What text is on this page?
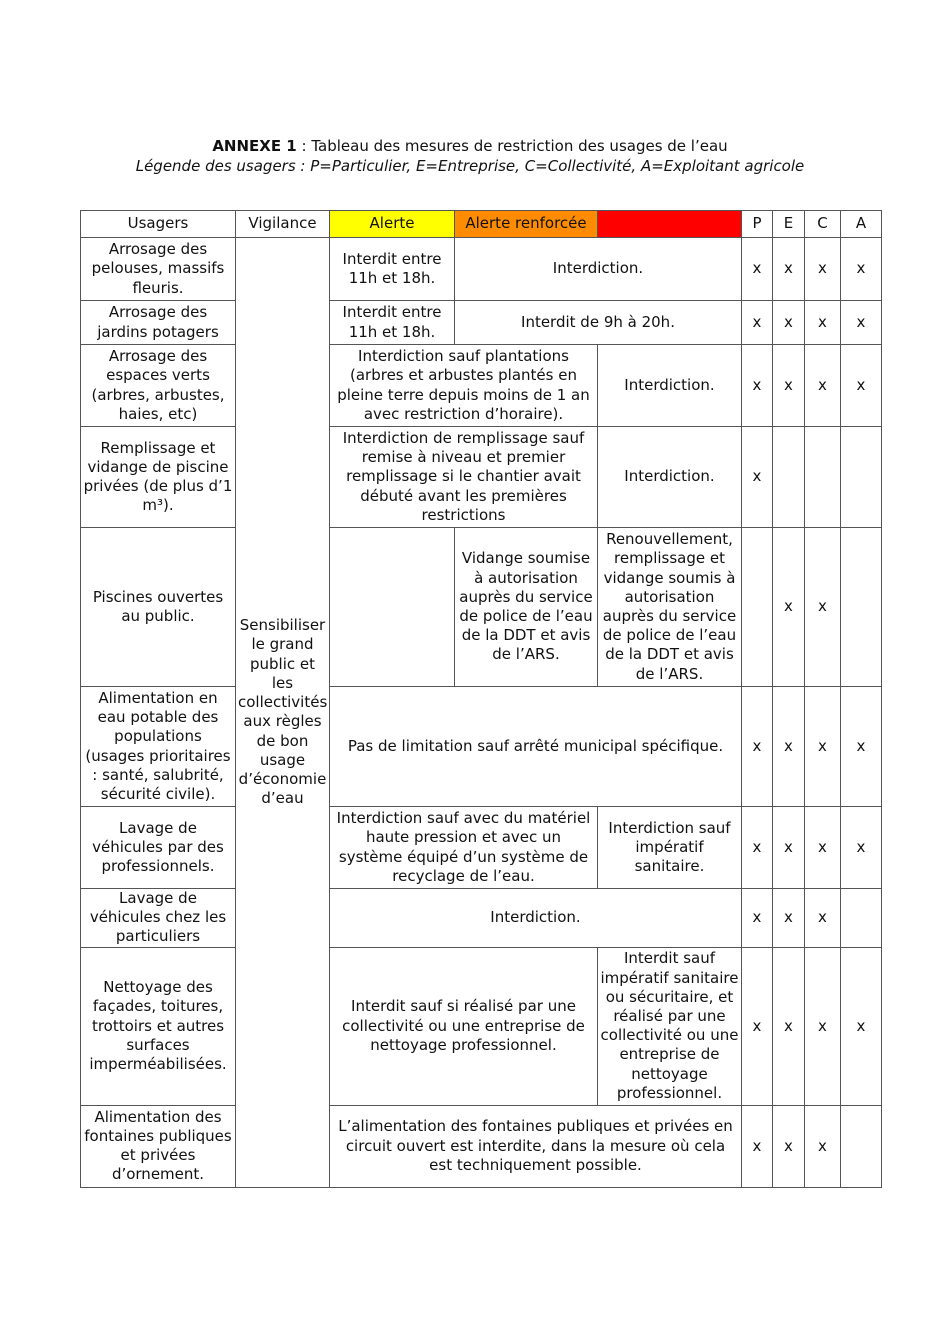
ANNEXE 1 : Tableau des mesures de restriction des usages de l’eau
Légende des usagers : P=Particulier, E=Entreprise, C=Collectivité, A=Exploitant agricole
Usagers	Vigilance	Alerte	Alerte renforcée	Crise	P	E	C	A
Arrosage des pelouses, massifs fleuris.	Sensibiliser le grand public et les collectivités aux règles de bon usage d’économie d’eau	Interdit entre 11h et 18h.	Interdiction.		x	x	x	x
Arrosage des jardins potagers		Interdit entre 11h et 18h.	Interdit de 9h à 20h.		x	x	x	x
Arrosage des espaces verts (arbres, arbustes, haies, etc)		Interdiction sauf plantations (arbres et arbustes plantés en pleine terre depuis moins de 1 an avec restriction d’horaire).		Interdiction.	x	x	x	x
Remplissage et vidange de piscine privées (de plus d’1 m³).		Interdiction de remplissage sauf remise à niveau et premier remplissage si le chantier avait débuté avant les premières restrictions		Interdiction.	x			
Piscines ouvertes au public.			Vidange soumise à autorisation auprès du service de police de l’eau de la DDT et avis de l’ARS.	Renouvellement, remplissage et vidange soumis à autorisation auprès du service de police de l’eau de la DDT et avis de l’ARS.		x	x	
Alimentation en eau potable des populations (usages prioritaires : santé, salubrité, sécurité civile).		Pas de limitation sauf arrêté municipal spécifique.			x	x	x	x
Lavage de véhicules par des professionnels.		Interdiction sauf avec du matériel haute pression et avec un système équipé d’un système de recyclage de l’eau.		Interdiction sauf impératif sanitaire.	x	x	x	x
Lavage de véhicules chez les particuliers		Interdiction.			x	x	x	
Nettoyage des façades, toitures, trottoirs et autres surfaces imperméabilisées.		Interdit sauf si réalisé par une collectivité ou une entreprise de nettoyage professionnel.		Interdit sauf impératif sanitaire ou sécuritaire, et réalisé par une collectivité ou une entreprise de nettoyage professionnel.	x	x	x	x
Alimentation des fontaines publiques et privées d’ornement.		L’alimentation des fontaines publiques et privées en circuit ouvert est interdite, dans la mesure où cela est techniquement possible.			x	x	x	
